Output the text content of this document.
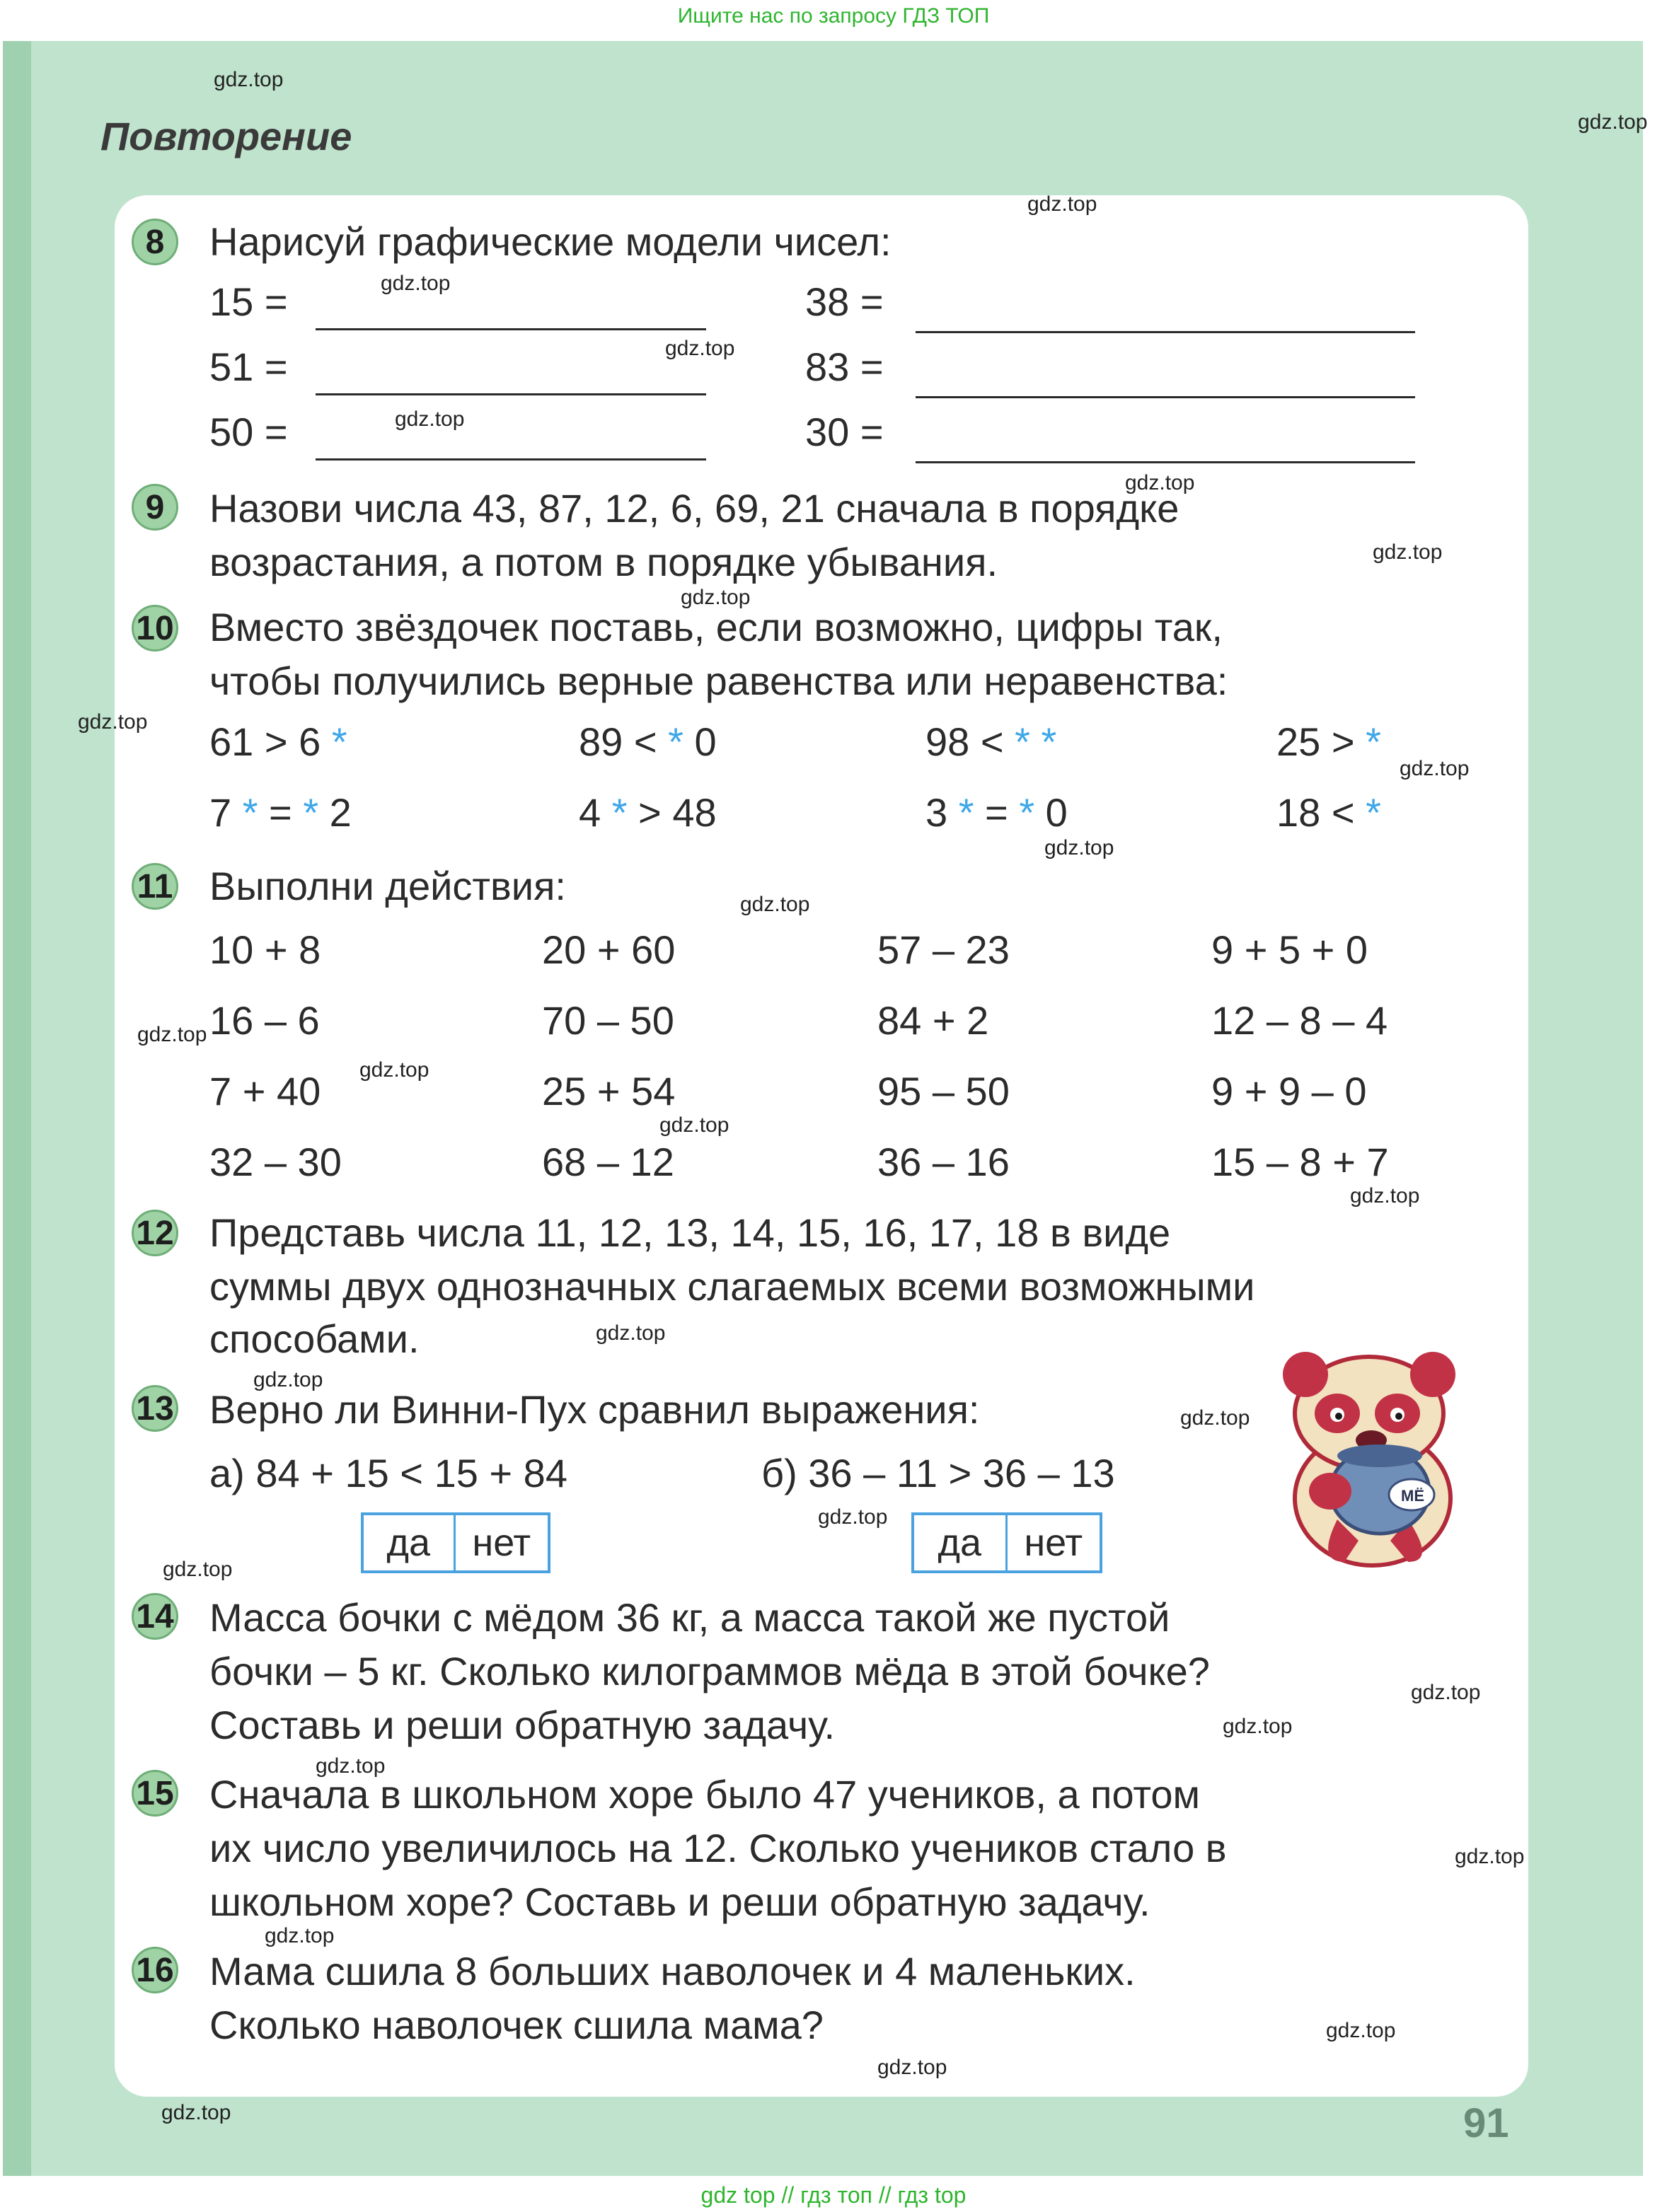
Ищите нас по запросу ГДЗ ТОП
Повторение
8	Нарисуй графические модели чисел:
15 =	38 =
51 =	83 =
50 =	30 =
9	Назови числа 43, 87, 12, 6, 69, 21 сначала в порядке
возрастания, а потом в порядке убывания.
10 Вместо звёздочек поставь, если возможно, цифры так,
чтобы получились верные равенства или неравенства:
61 > 6 *	89 < * 0	98 < * *	25 > *
7 * = * 2	4 * > 48	3 * = * 0	18 < *
11 Выполни действия:
10 + 8	20 + 60	57 – 23	9 + 5 + 0
16 – 6	70 – 50	84 + 2	12 – 8 – 4
7 + 40	25 + 54	95 – 50	9 + 9 – 0
32 – 30	68 – 12	36 – 16	15 – 8 + 7
12 Представь числа 11, 12, 13, 14, 15, 16, 17, 18 в виде
суммы двух однозначных слагаемых всеми возможными
способами.
13 Верно ли Винни-Пух сравнил выражения:
а) 84 + 15 < 15 + 84	б) 36 – 11 > 36 – 13
да	нет	да	нет
МЁ
14 Масса бочки с мёдом 36 кг, а масса такой же пустой
бочки – 5 кг. Сколько килограммов мёда в этой бочке?
Составь и реши обратную задачу.
15 Сначала в школьном хоре было 47 учеников, а потом
их число увеличилось на 12. Сколько учеников стало в
школьном хоре? Составь и реши обратную задачу.
16 Мама сшила 8 больших наволочек и 4 маленьких.
Сколько наволочек сшила мама?
gdz.top
gdz.top
gdz.top
gdz.top
gdz.top
gdz.top
gdz.top
gdz.top
gdz.top
gdz.top
gdz.top
gdz.top
gdz.top
gdz.top
gdz.top
gdz.top
gdz.top
gdz.top
gdz.top
gdz.top
gdz.top
gdz.top
gdz.top
gdz.top
gdz.top
gdz.top
gdz.top
gdz.top
gdz.top
gdz.top	91
gdz top // гдз топ // гдз top
